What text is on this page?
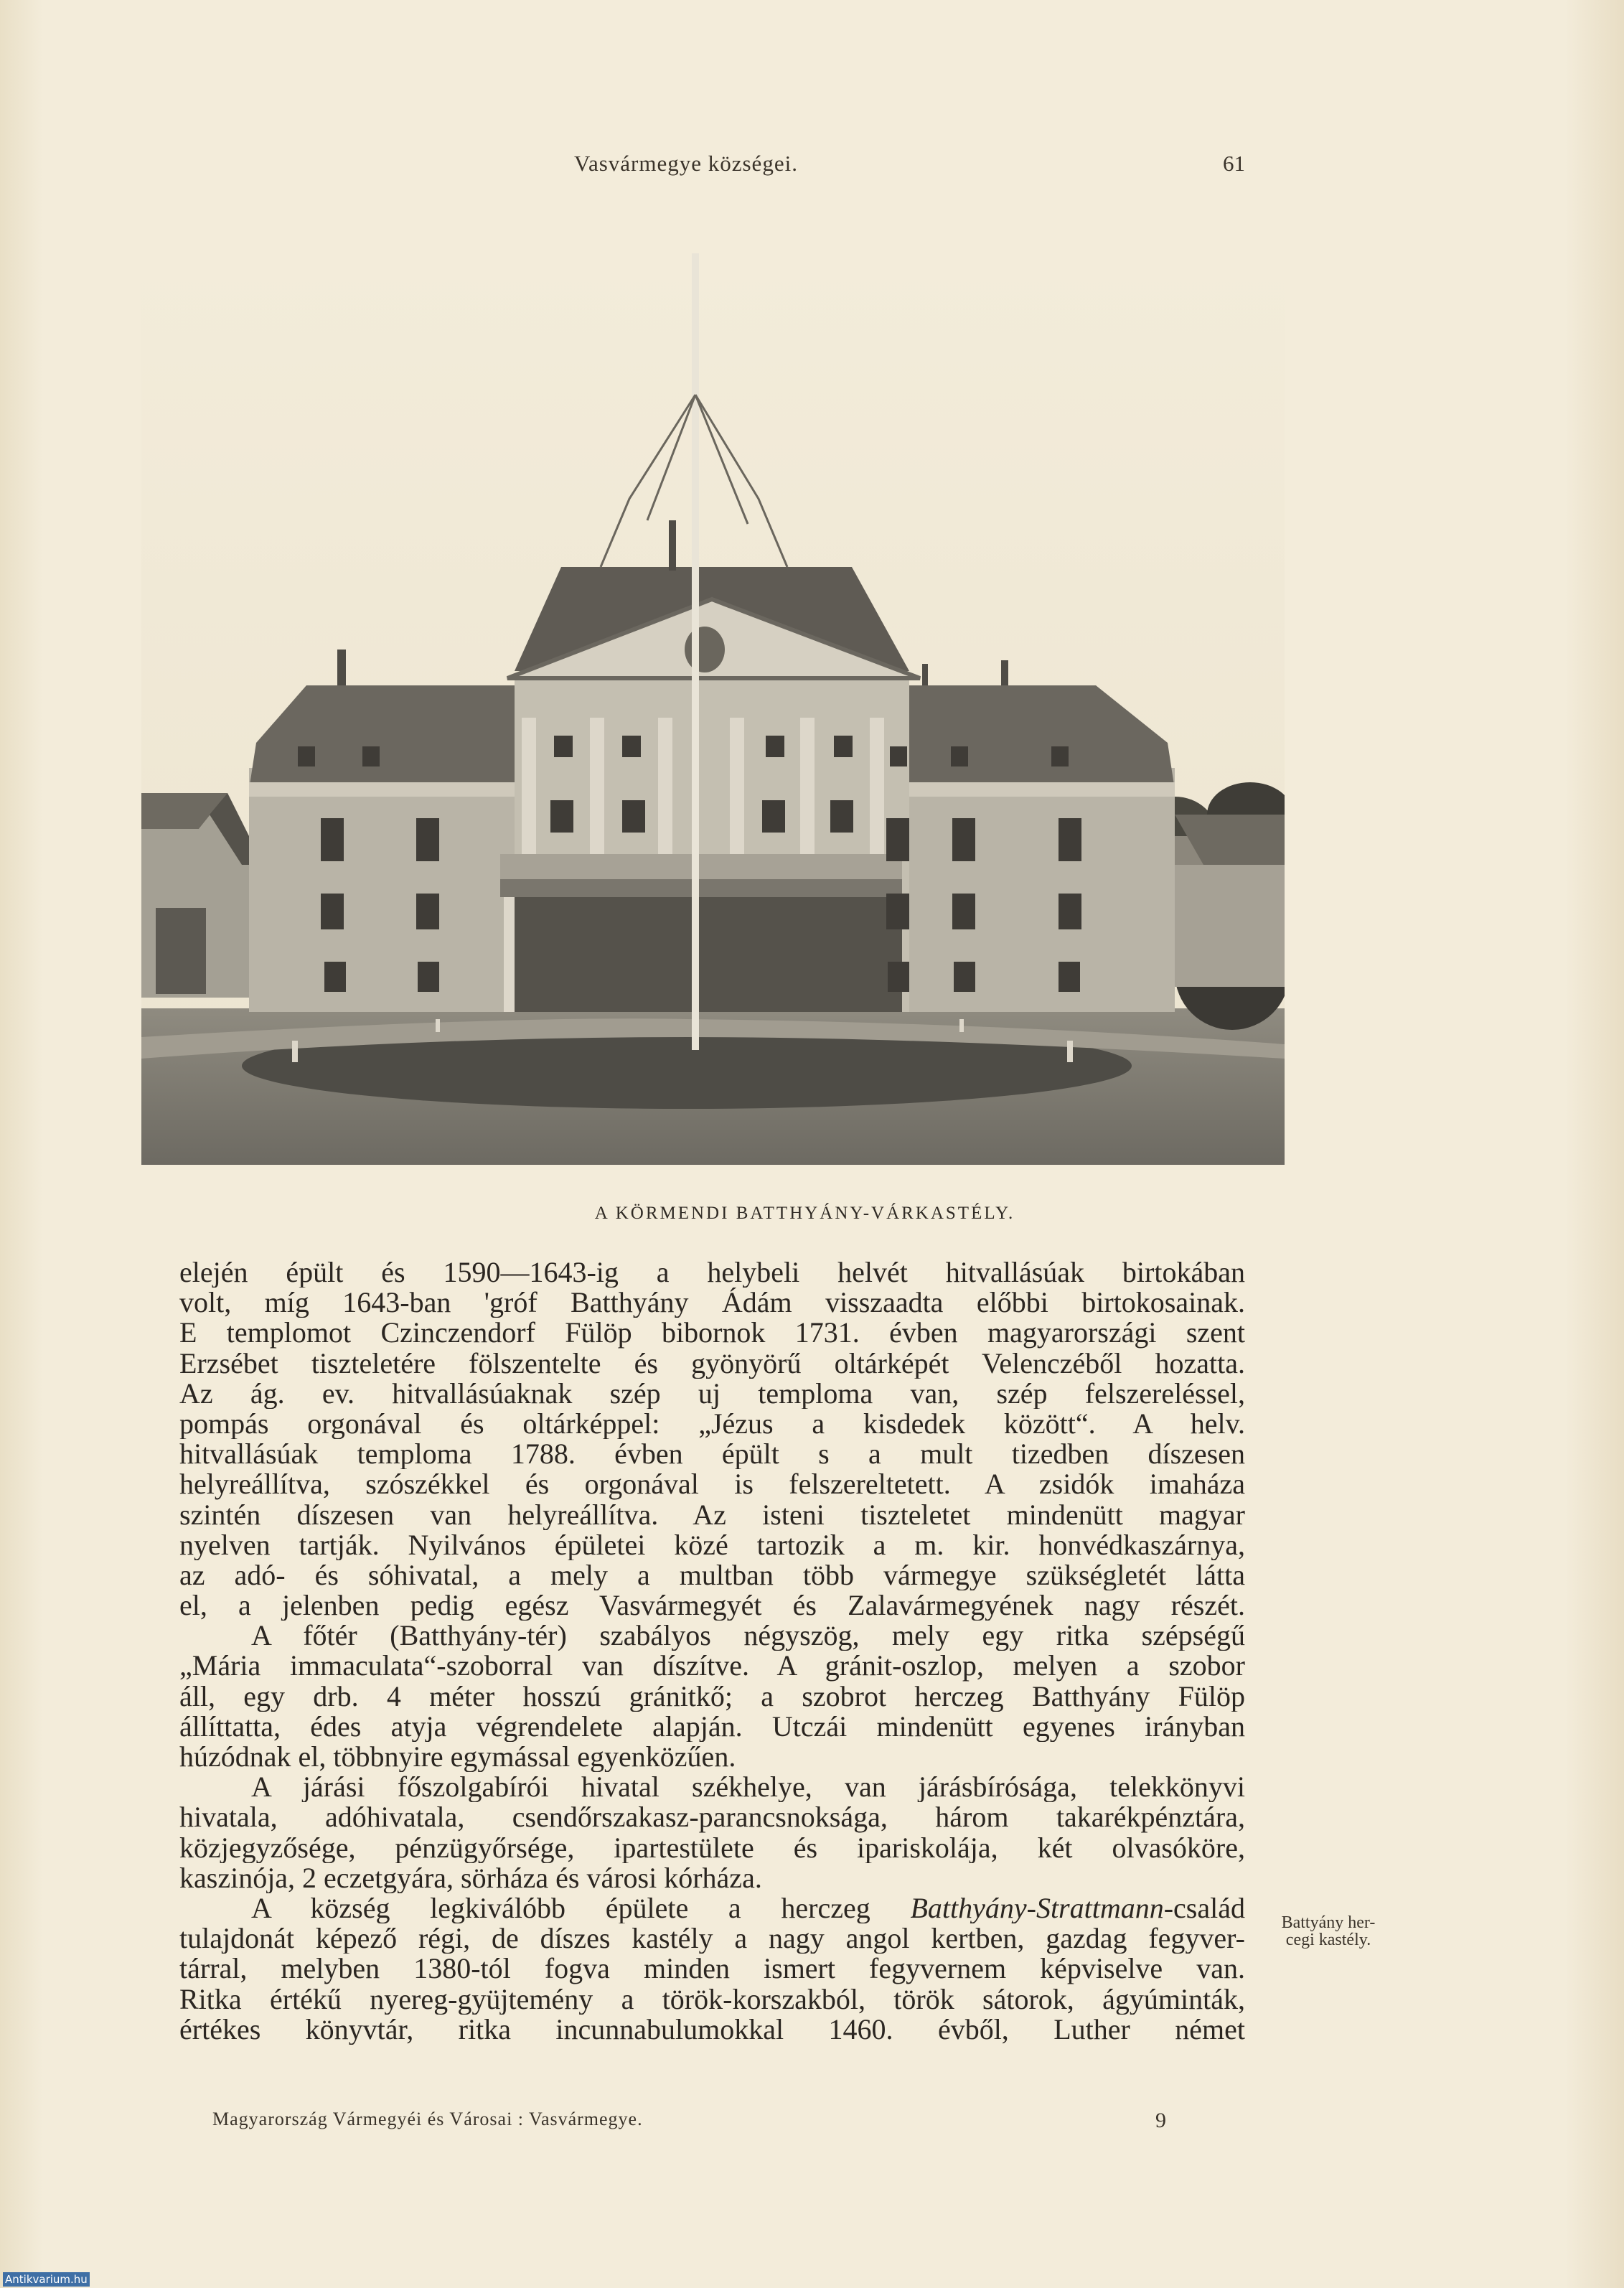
Vasvármegye községei.	61
A KÖRMENDI BATTHYÁNY-VÁRKASTÉLY.
elején épült és 1590—1643-ig a helybeli helvét hitvallásúak birtokában
volt, míg 1643-ban 'gróf Batthyány Ádám visszaadta előbbi birtokosainak.
E templomot Czinczendorf Fülöp bibornok 1731. évben magyarországi szent
Erzsébet tiszteletére fölszentelte és gyönyörű oltárképét Velenczéből hozatta.
Az ág. ev. hitvallásúaknak szép uj temploma van, szép felszereléssel,
pompás orgonával és oltárképpel: „Jézus a kisdedek között“. A helv.
hitvallásúak temploma 1788. évben épült s a mult tizedben díszesen
helyreállítva, szószékkel és orgonával is felszereltetett. A zsidók imaháza
szintén díszesen van helyreállítva. Az isteni tiszteletet mindenütt magyar
nyelven tartják. Nyilvános épületei közé tartozik a m. kir. honvédkaszárnya,
az adó- és sóhivatal, a mely a multban több vármegye szükségletét látta
el, a jelenben pedig egész Vasvármegyét és Zalavármegyének nagy részét.
A főtér (Batthyány-tér) szabályos négyszög, mely egy ritka szépségű
„Mária immaculata“-szoborral van díszítve. A gránit-oszlop, melyen a szobor
áll, egy drb. 4 méter hosszú gránitkő; a szobrot herczeg Batthyány Fülöp
állíttatta, édes atyja végrendelete alapján. Utczái mindenütt egyenes irányban
húzódnak el, többnyire egymással egyenközűen.
A járási főszolgabírói hivatal székhelye, van járásbírósága, telekkönyvi
hivatala, adóhivatala, csendőrszakasz-parancsnoksága, három takarékpénztára,
közjegyzősége, pénzügyőrsége, ipartestülete és ipariskolája, két olvasóköre,
kaszinója, 2 eczetgyára, sörháza és városi kórháza.
A község legkiválóbb épülete a herczeg Batthyány-Strattmann-család
tulajdonát képező régi, de díszes kastély a nagy angol kertben, gazdag fegyver-
tárral, melyben 1380-tól fogva minden ismert fegyvernem képviselve van.
Ritka értékű nyereg-gyüjtemény a török-korszakból, török sátorok, ágyúminták,
értékes könyvtár, ritka incunnabulumokkal 1460. évből, Luther német
Battyány her-
cegi kastély.
Magyarország Vármegyéi és Városai : Vasvármegye.	9
Antikvarium.hu
